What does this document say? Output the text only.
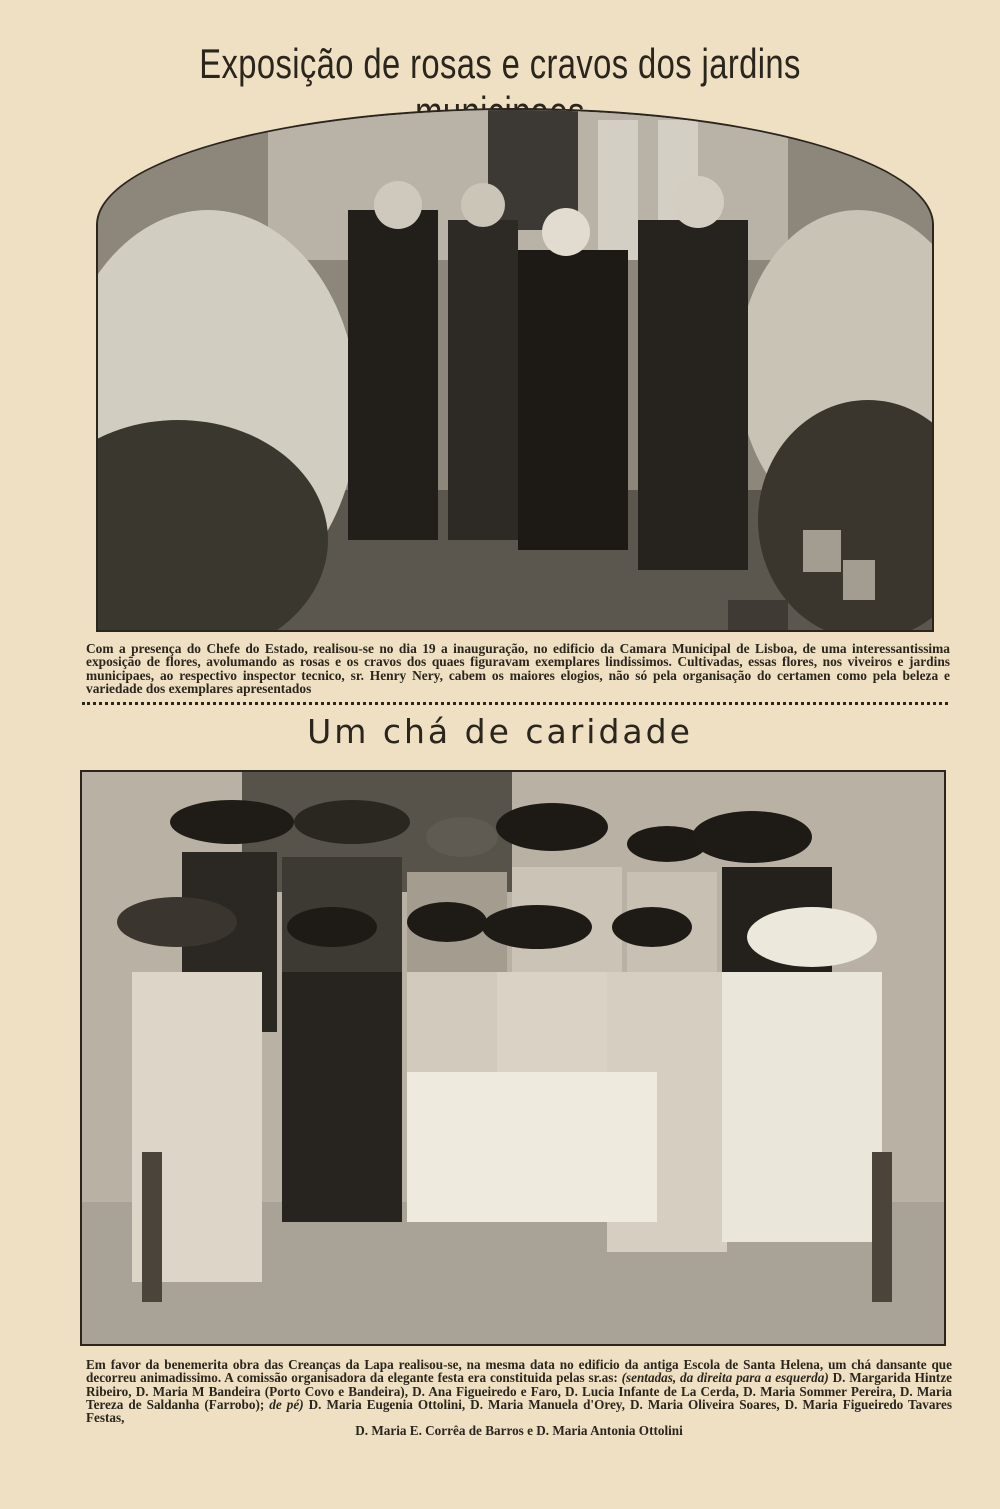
Exposição de rosas e cravos dos jardins
Com a presença do Chefe do Estado, realisou-se no dia 19 a inauguração, no edificio da Camara Municipal de Lisboa, de uma interessantissima exposição de flores, avolumando as rosas e os cravos dos quaes figuravam exemplares lindissimos. Cultivadas, essas flores, nos viveiros e jardins municipaes, ao respectivo inspector tecnico, sr. Henry Nery, cabem os maiores elogios, não só pela organisação do certamen como pela beleza e variedade dos exemplares apresentados
Um chá de caridade
Em favor da benemerita obra das Creanças da Lapa realisou-se, na mesma data no edificio da antiga Escola de Santa Helena, um chá dansante que decorreu animadissimo. A comissão organisadora da elegante festa era constituida pelas sr.as: (sentadas, da direita para a esquerda) D. Margarida Hintze Ribeiro, D. Maria M Bandeira (Porto Covo e Bandeira), D. Ana Figueiredo e Faro, D. Lucia Infante de La Cerda, D. Maria Sommer Pereira, D. Maria Tereza de Saldanha (Farrobo); de pé) D. Maria Eugenia Ottolini, D. Maria Manuela d'Orey, D. Maria Oliveira Soares, D. Maria Figueiredo Tavares Festas,
D. Maria E. Corrêa de Barros e D. Maria Antonia Ottolini
